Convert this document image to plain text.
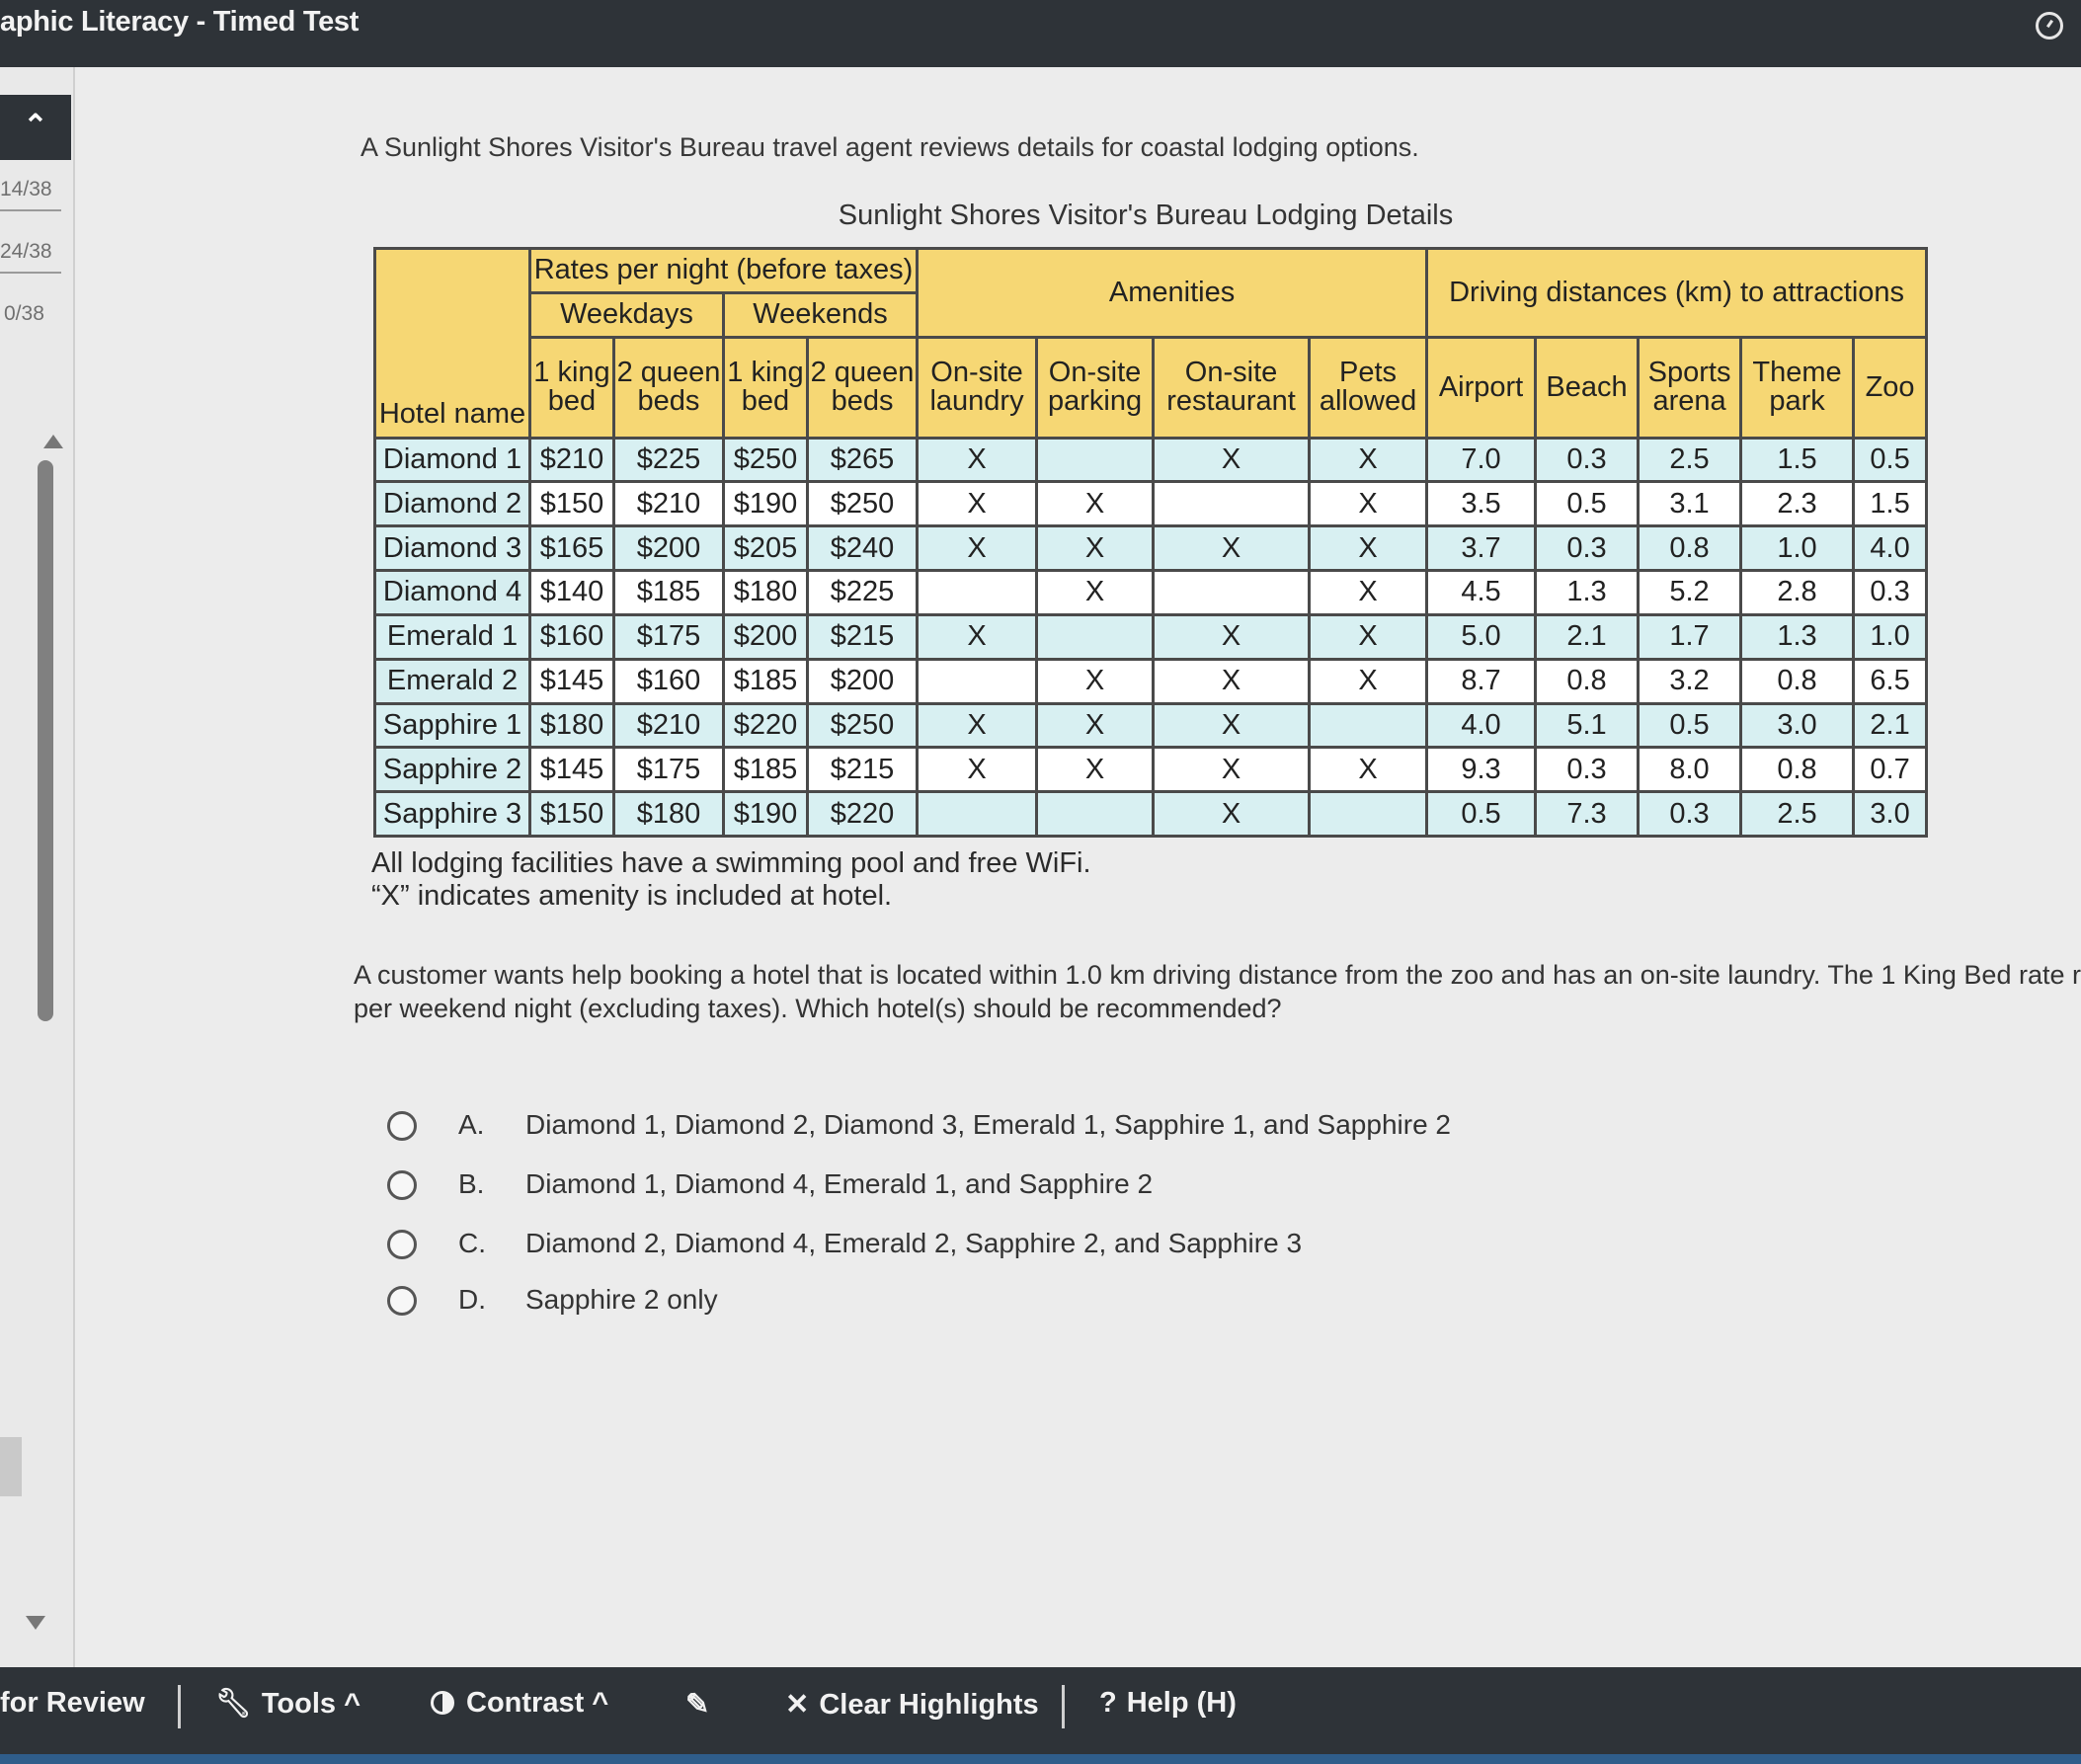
aphic Literacy - Timed Test
⌃
14/38
24/38
0/38
A Sunlight Shores Visitor's Bureau travel agent reviews details for coastal lodging options.
Sunlight Shores Visitor's Bureau Lodging Details
Hotel name	Rates per night (before taxes)				Amenities				Driving distances (km) to attractions				
	Weekdays		Weekends										
	1 king bed	2 queen beds	1 king bed	2 queen beds	On-site laundry	On-site parking	On-site restaurant	Pets allowed	Airport	Beach	Sports arena	Theme park	Zoo
Diamond 1	$210	$225	$250	$265	X		X	X	7.0	0.3	2.5	1.5	0.5
Diamond 2	$150	$210	$190	$250	X	X		X	3.5	0.5	3.1	2.3	1.5
Diamond 3	$165	$200	$205	$240	X	X	X	X	3.7	0.3	0.8	1.0	4.0
Diamond 4	$140	$185	$180	$225		X		X	4.5	1.3	5.2	2.8	0.3
Emerald 1	$160	$175	$200	$215	X		X	X	5.0	2.1	1.7	1.3	1.0
Emerald 2	$145	$160	$185	$200		X	X	X	8.7	0.8	3.2	0.8	6.5
Sapphire 1	$180	$210	$220	$250	X	X	X		4.0	5.1	0.5	3.0	2.1
Sapphire 2	$145	$175	$185	$215	X	X	X	X	9.3	0.3	8.0	0.8	0.7
Sapphire 3	$150	$180	$190	$220			X		0.5	7.3	0.3	2.5	3.0
All lodging facilities have a swimming pool and free WiFi.
“X” indicates amenity is included at hotel.
A customer wants help booking a hotel that is located within 1.0 km driving distance from the zoo and has an on-site laundry. The 1 King Bed rate r
per weekend night (excluding taxes). Which hotel(s) should be recommended?
A. Diamond 1, Diamond 2, Diamond 3, Emerald 1, Sapphire 1, and Sapphire 2
B. Diamond 1, Diamond 4, Emerald 1, and Sapphire 2
C. Diamond 2, Diamond 4, Emerald 2, Sapphire 2, and Sapphire 3
D. Sapphire 2 only
for Review 🔧︎ Tools ^	Contrast ^	✎	✕ Clear Highlights ? Help (H)
